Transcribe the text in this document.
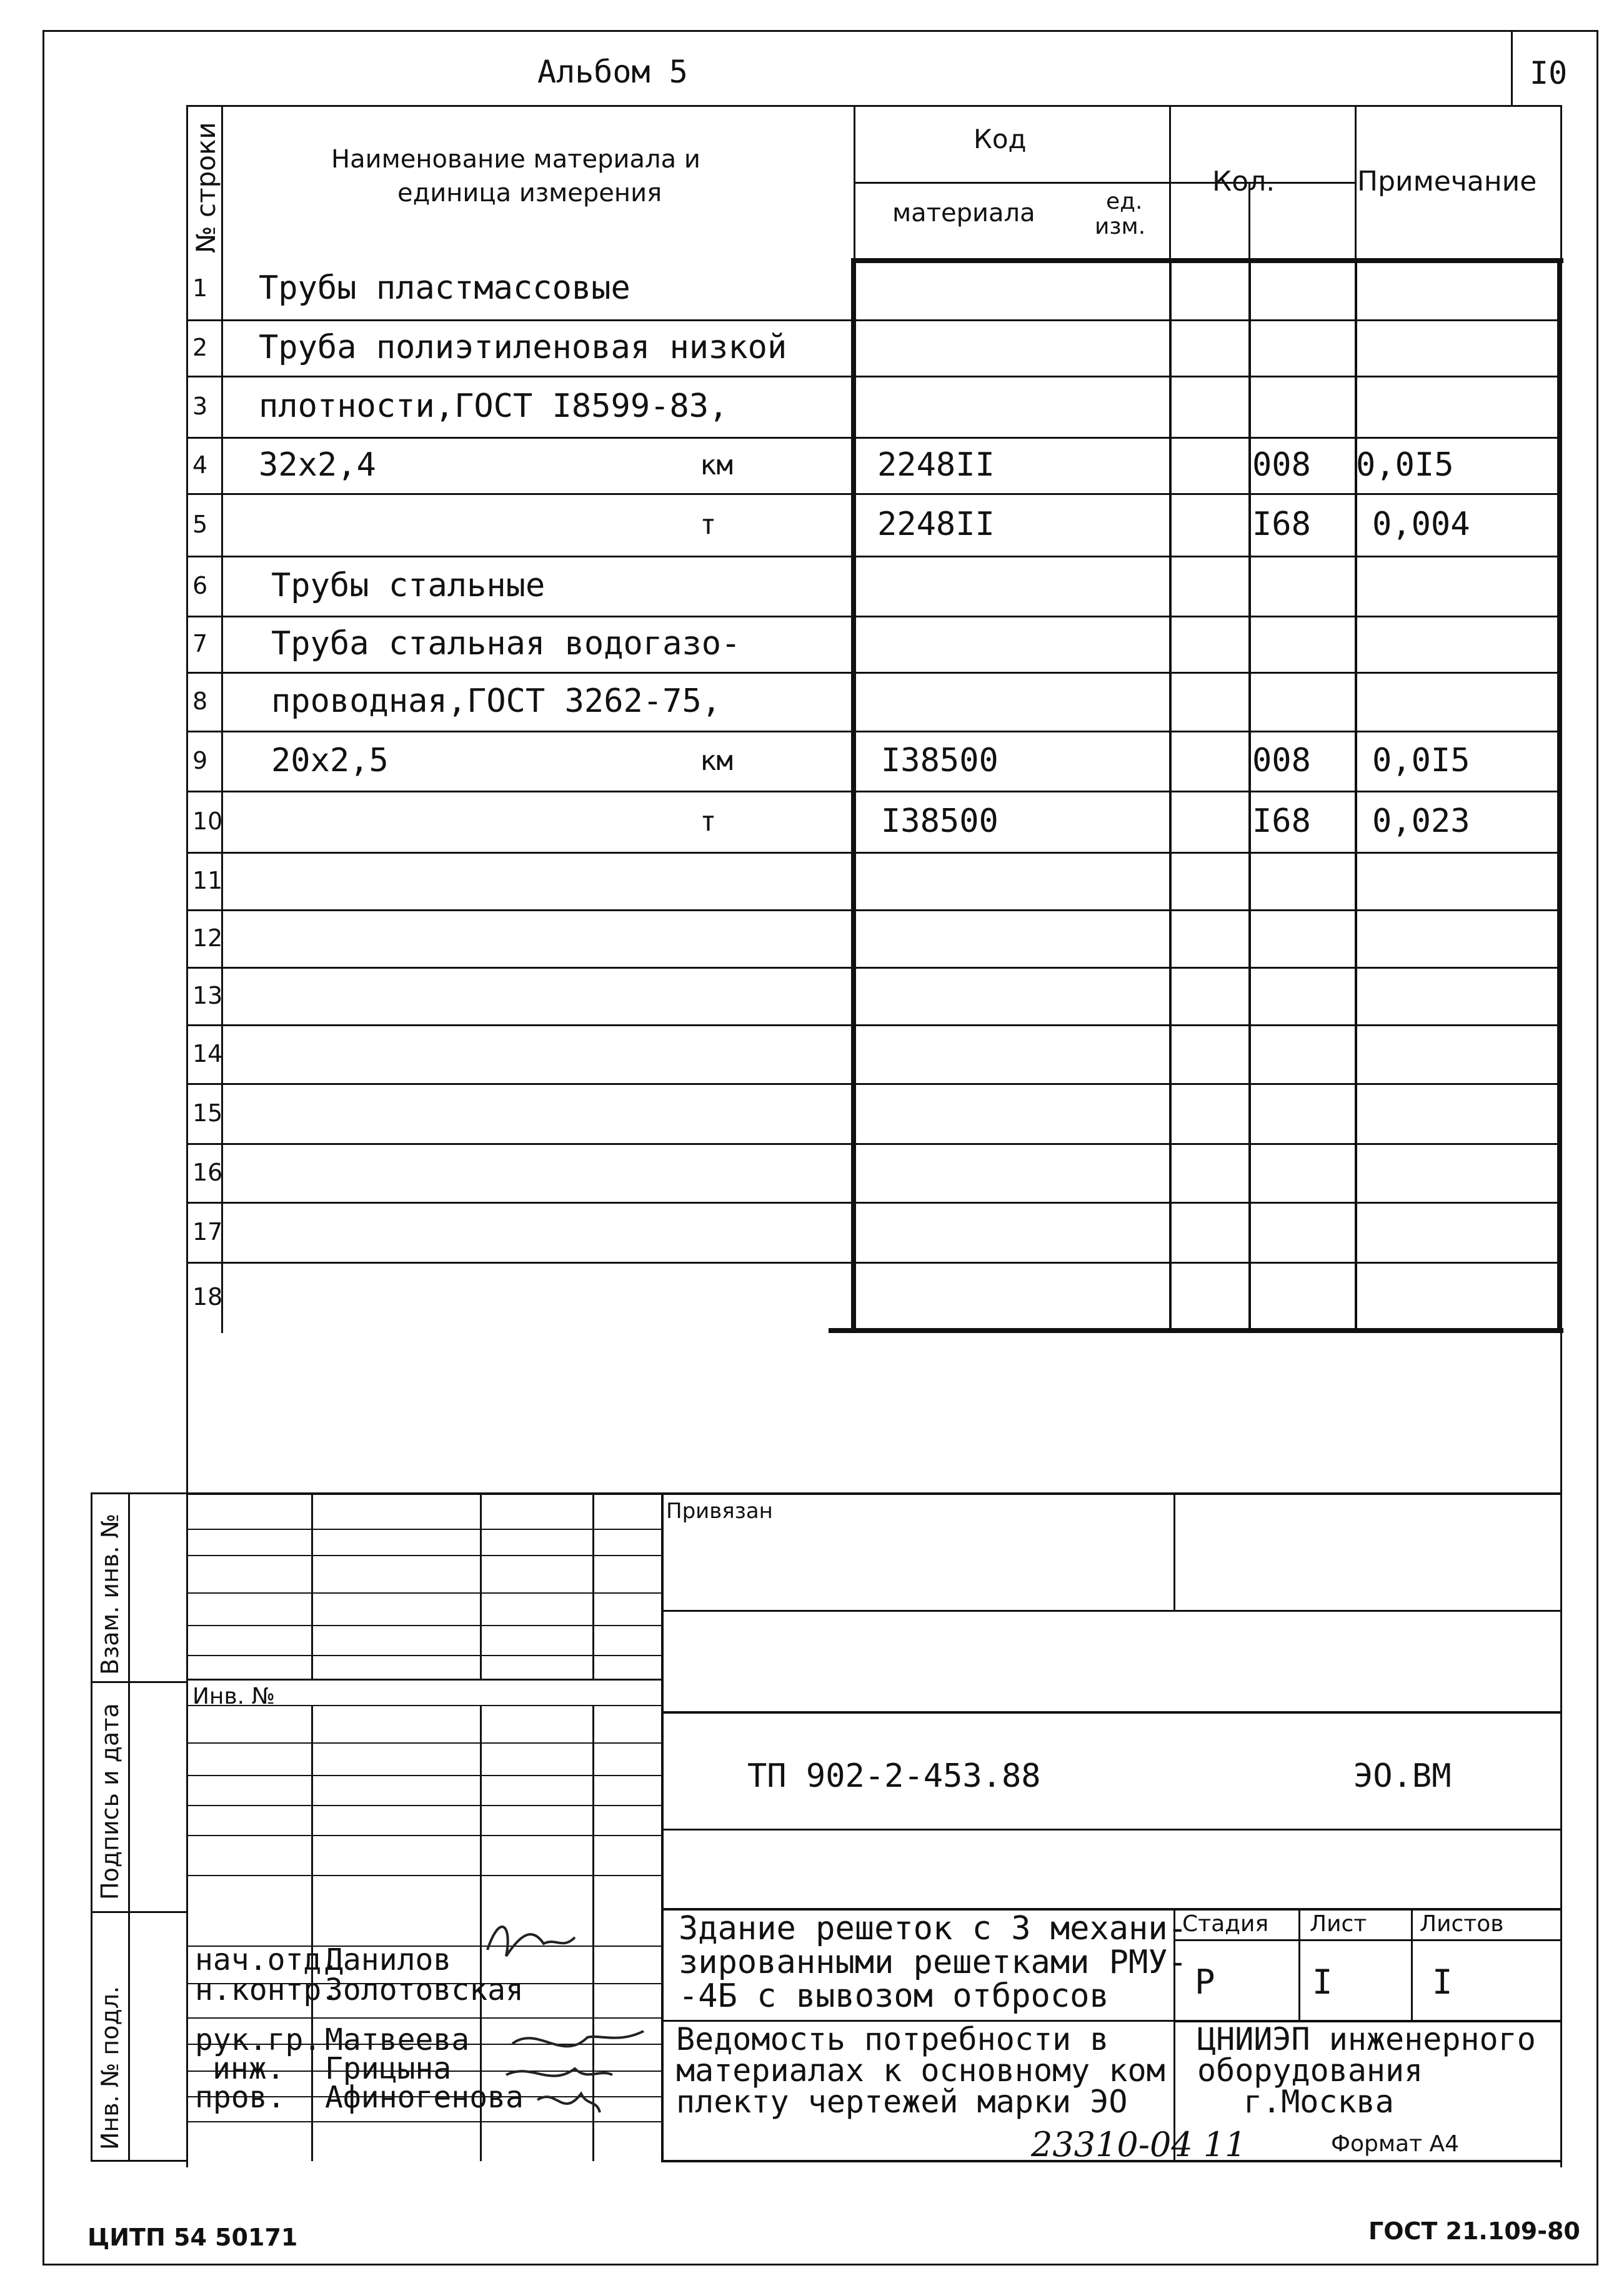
Альбом 5	I0
№ строки	Наименование материала и
единица измерения
Код
материала	ед.
изм.
Кол.	Примечание
1 Трубы пластмассовые
2 Труба полиэтиленовая низкой
3 плотности,ГОСТ I8599-83,
4 32х2,4	км	2248II	008 0,0I5
5	т	2248II	I68 0,004
6 Трубы стальные
7 Труба стальная водогазо-
8 проводная,ГОСТ 3262-75,
9 20х2,5	км	I38500	008 0,0I5
10	т	I38500	I68 0,023
11
12
13
14
15
16
17
18
Взам. инв. №
Подпись и дата
Инв. № подл.
Привязан
Инв. №
ТП 902-2-453.88	ЭО.ВМ
Здание решеток с 3 механи-
зированными решетками РМУ-
-4Б с вывозом отбросов
Стадия Лист Листов
Р	I	I
Ведомость потребности в
материалах к основному ком
плекту чертежей марки ЭО
ЦНИИЭП инженерного
оборудования
г.Москва
нач.отд.
Данилов
н.контр.
Золотовская
рук.гр. Матвеева
инж. Грицына
пров. Афиногенова
23310-04 11	Формат А4
ЦИТП 54 50171	ГОСТ 21.109-80
